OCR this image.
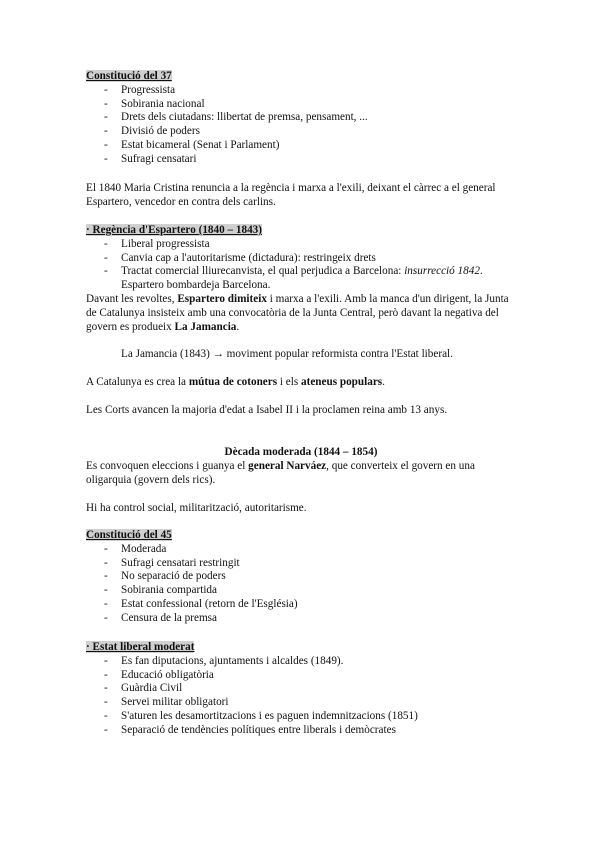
Constitució del 37
- Progressista
- Sobirania nacional
- Drets dels ciutadans: llibertat de premsa, pensament, ...
- Divisió de poders
- Estat bicameral (Senat i Parlament)
- Sufragi censatari

El 1840 Maria Cristina renuncia a la regència i marxa a l'exili, deixant el càrrec a el general Espartero, vencedor en contra dels carlins.

· Regència d'Espartero (1840 – 1843)
- Liberal progressista
- Canvia cap a l'autoritarisme (dictadura): restringeix drets
- Tractat comercial lliurecanvista, el qual perjudica a Barcelona: insurrecció 1842.
Espartero bombardeja Barcelona.

Davant les revoltes, Espartero dimiteix i marxa a l'exili. Amb la manca d'un dirigent, la Junta de Catalunya insisteix amb una convocatòria de la Junta Central, però davant la negativa del govern es produeix La Jamancia.

La Jamancia (1843) → moviment popular reformista contra l'Estat liberal.

A Catalunya es crea la mútua de cotoners i els ateneus populars.

Les Corts avancen la majoria d'edat a Isabel II i la proclamen reina amb 13 anys.

Dècada moderada (1844 – 1854)

Es convoquen eleccions i guanya el general Narváez, que converteix el govern en una oligarquia (govern dels rics).

Hi ha control social, militarització, autoritarisme.

Constitució del 45
- Moderada
- Sufragi censatari restringit
- No separació de poders
- Sobirania compartida
- Estat confessional (retorn de l'Església)
- Censura de la premsa
· Estat liberal moderat
- Es fan diputacions, ajuntaments i alcaldes (1849).
- Educació obligatòria
- Guàrdia Civil
- Servei militar obligatori
- S'aturen les desamortitzacions i es paguen indemnitzacions (1851)
- Separació de tendències polítiques entre liberals i demòcrates
